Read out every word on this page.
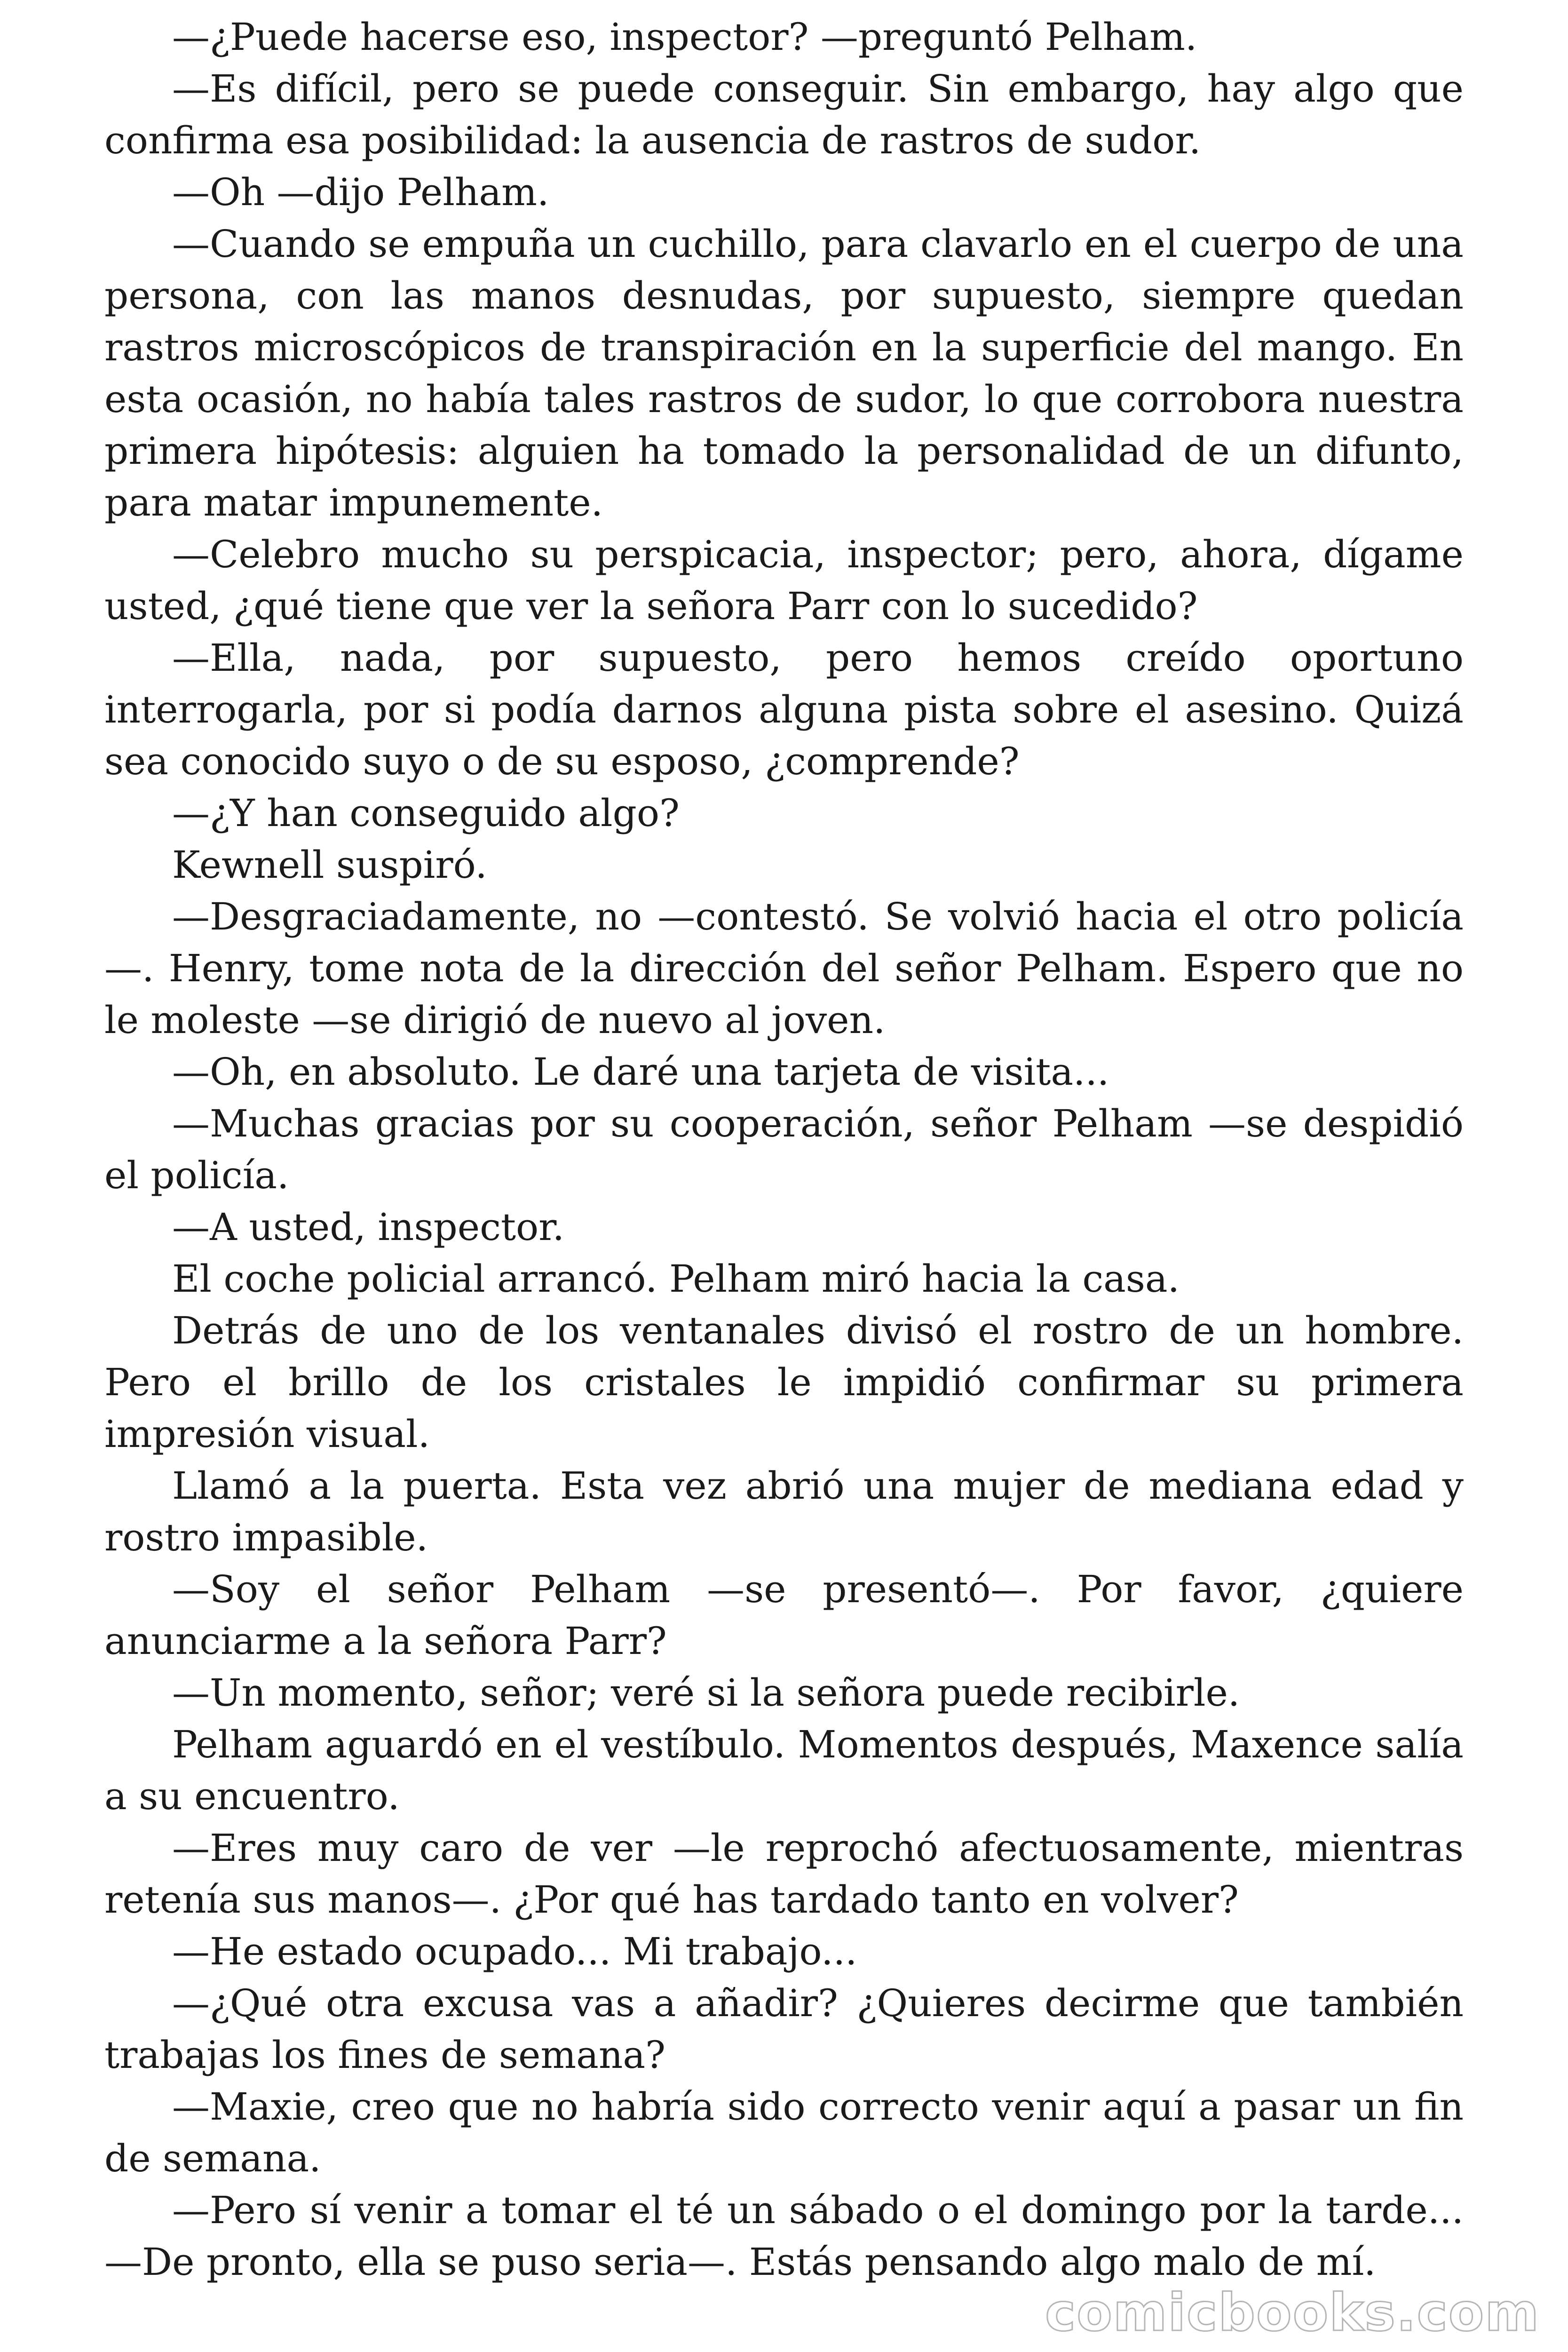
—¿Puede hacerse eso, inspector? —preguntó Pelham.

—Es difícil, pero se puede conseguir. Sin embargo, hay algo que confirma esa posibilidad: la ausencia de rastros de sudor.

—Oh —dijo Pelham.

—Cuando se empuña un cuchillo, para clavarlo en el cuerpo de una persona, con las manos desnudas, por supuesto, siempre quedan rastros microscópicos de transpiración en la superficie del mango. En esta ocasión, no había tales rastros de sudor, lo que corrobora nuestra primera hipótesis: alguien ha tomado la personalidad de un difunto, para matar impunemente.

—Celebro mucho su perspicacia, inspector; pero, ahora, dígame usted, ¿qué tiene que ver la señora Parr con lo sucedido?

—Ella, nada, por supuesto, pero hemos creído oportuno interrogarla, por si podía darnos alguna pista sobre el asesino. Quizá sea conocido suyo o de su esposo, ¿comprende?

—¿Y han conseguido algo?

Kewnell suspiró.

—Desgraciadamente, no —contestó. Se volvió hacia el otro policía —. Henry, tome nota de la dirección del señor Pelham. Espero que no le moleste —se dirigió de nuevo al joven.

—Oh, en absoluto. Le daré una tarjeta de visita...

—Muchas gracias por su cooperación, señor Pelham —se despidió el policía.

—A usted, inspector.

El coche policial arrancó. Pelham miró hacia la casa.

Detrás de uno de los ventanales divisó el rostro de un hombre. Pero el brillo de los cristales le impidió confirmar su primera impresión visual.

Llamó a la puerta. Esta vez abrió una mujer de mediana edad y rostro impasible.

—Soy el señor Pelham —se presentó—. Por favor, ¿quiere anunciarme a la señora Parr?

—Un momento, señor; veré si la señora puede recibirle.

Pelham aguardó en el vestíbulo. Momentos después, Maxence salía a su encuentro.

—Eres muy caro de ver —le reprochó afectuosamente, mientras retenía sus manos—. ¿Por qué has tardado tanto en volver?

—He estado ocupado... Mi trabajo...

—¿Qué otra excusa vas a añadir? ¿Quieres decirme que también trabajas los fines de semana?

—Maxie, creo que no habría sido correcto venir aquí a pasar un fin de semana.

—Pero sí venir a tomar el té un sábado o el domingo por la tarde... —De pronto, ella se puso seria—. Estás pensando algo malo de mí.

comicbooks.com
